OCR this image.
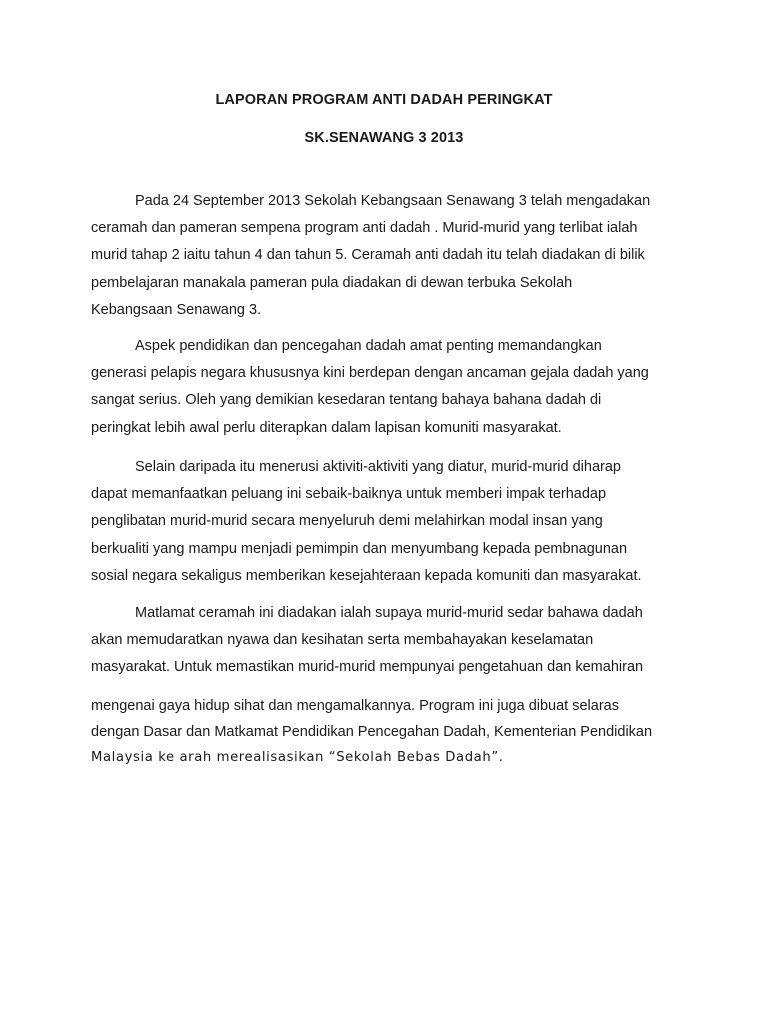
LAPORAN PROGRAM ANTI DADAH PERINGKAT
SK.SENAWANG 3 2013
Pada 24 September 2013 Sekolah Kebangsaan Senawang 3 telah mengadakan
ceramah dan pameran sempena program anti dadah . Murid-murid yang terlibat ialah
murid tahap 2 iaitu tahun 4 dan tahun 5. Ceramah anti dadah itu telah diadakan di bilik
pembelajaran manakala pameran pula diadakan di dewan terbuka Sekolah
Kebangsaan Senawang 3.
Aspek pendidikan dan pencegahan dadah amat penting memandangkan
generasi pelapis negara khususnya kini berdepan dengan ancaman gejala dadah yang
sangat serius. Oleh yang demikian kesedaran tentang bahaya bahana dadah di
peringkat lebih awal perlu diterapkan dalam lapisan komuniti masyarakat.
Selain daripada itu menerusi aktiviti-aktiviti yang diatur, murid-murid diharap
dapat memanfaatkan peluang ini sebaik-baiknya untuk memberi impak terhadap
penglibatan murid-murid secara menyeluruh demi melahirkan modal insan yang
berkualiti yang mampu menjadi pemimpin dan menyumbang kepada pembnagunan
sosial negara sekaligus memberikan kesejahteraan kepada komuniti dan masyarakat.
Matlamat ceramah ini diadakan ialah supaya murid-murid sedar bahawa dadah
akan memudaratkan nyawa dan kesihatan serta membahayakan keselamatan
masyarakat. Untuk memastikan murid-murid mempunyai pengetahuan dan kemahiran
mengenai gaya hidup sihat dan mengamalkannya. Program ini juga dibuat selaras
dengan Dasar dan Matkamat Pendidikan Pencegahan Dadah, Kementerian Pendidikan
Malaysia ke arah merealisasikan “Sekolah Bebas Dadah”.
